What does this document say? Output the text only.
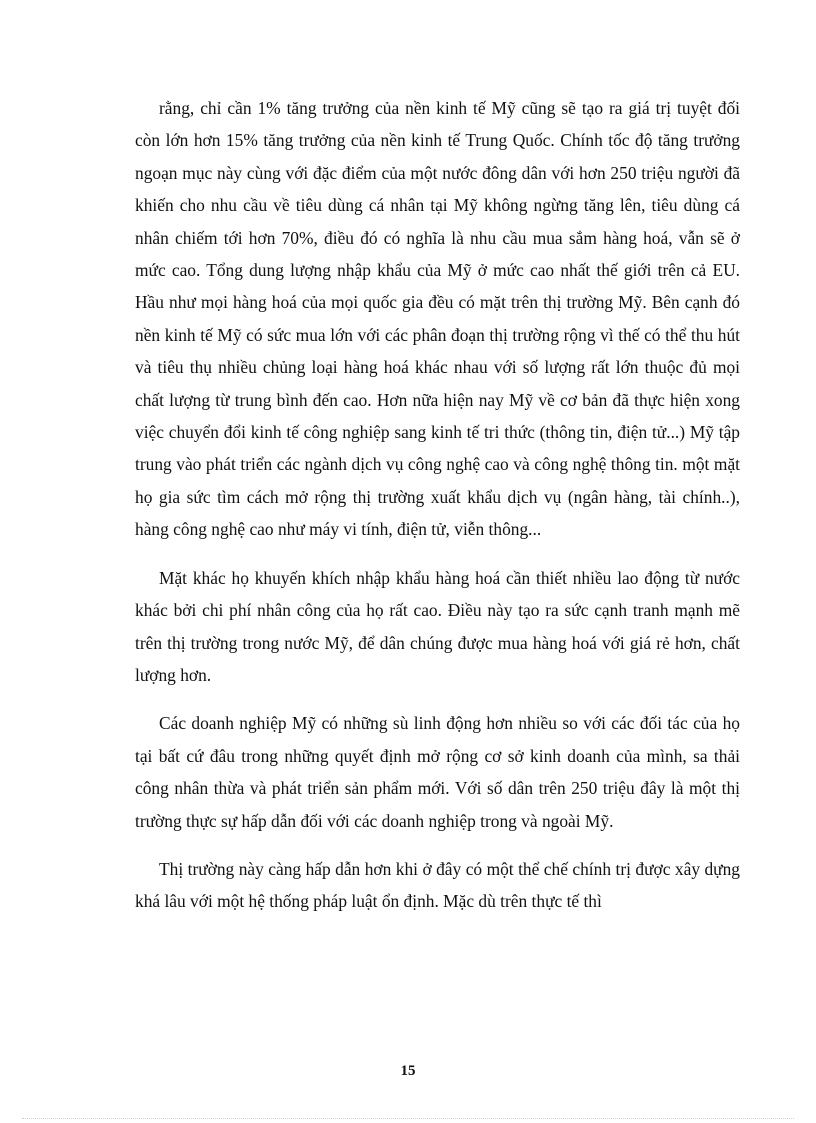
rằng, chỉ cần 1% tăng trưởng của nền kinh tế Mỹ cũng sẽ tạo ra giá trị tuyệt đối còn lớn hơn 15% tăng trưởng của nền kinh tế Trung Quốc. Chính tốc độ tăng trưởng ngoạn mục này cùng với đặc điểm của một nước đông dân với hơn 250 triệu người đã khiến cho nhu cầu về tiêu dùng cá nhân tại Mỹ không ngừng tăng lên, tiêu dùng cá nhân chiếm tới hơn 70%, điều đó có nghĩa là nhu cầu mua sắm hàng hoá, vẫn sẽ ở mức cao. Tổng dung lượng nhập khẩu của Mỹ ở mức cao nhất thế giới trên cả EU. Hầu như mọi hàng hoá của mọi quốc gia đều có mặt trên thị trường Mỹ. Bên cạnh đó nền kinh tế Mỹ có sức mua lớn với các phân đoạn thị trường rộng vì thế có thể thu hút và tiêu thụ nhiều chủng loại hàng hoá khác nhau với số lượng rất lớn thuộc đủ mọi chất lượng từ trung bình đến cao. Hơn nữa hiện nay Mỹ về cơ bản đã thực hiện xong việc chuyển đổi kinh tế công nghiệp sang kinh tế tri thức (thông tin, điện tử...) Mỹ tập trung vào phát triển các ngành dịch vụ công nghệ cao và công nghệ thông tin. một mặt họ gia sức tìm cách mở rộng thị trường xuất khẩu dịch vụ (ngân hàng, tài chính..), hàng công nghệ cao như máy vi tính, điện tử, viễn thông...

Mặt khác họ khuyến khích nhập khẩu hàng hoá cần thiết nhiều lao động từ nước khác bởi chi phí nhân công của họ rất cao. Điều này tạo ra sức cạnh tranh mạnh mẽ trên thị trường trong nước Mỹ, để dân chúng được mua hàng hoá với giá rẻ hơn, chất lượng hơn.

Các doanh nghiệp Mỹ có những sù linh động hơn nhiều so với các đối tác của họ tại bất cứ đâu trong những quyết định mở rộng cơ sở kinh doanh của mình, sa thải công nhân thừa và phát triển sản phẩm mới. Với số dân trên 250 triệu đây là một thị trường thực sự hấp dẫn đối với các doanh nghiệp trong và ngoài Mỹ.

Thị trường này càng hấp dẫn hơn khi ở đây có một thể chế chính trị được xây dựng khá lâu với một hệ thống pháp luật ổn định. Mặc dù trên thực tế thì

15
